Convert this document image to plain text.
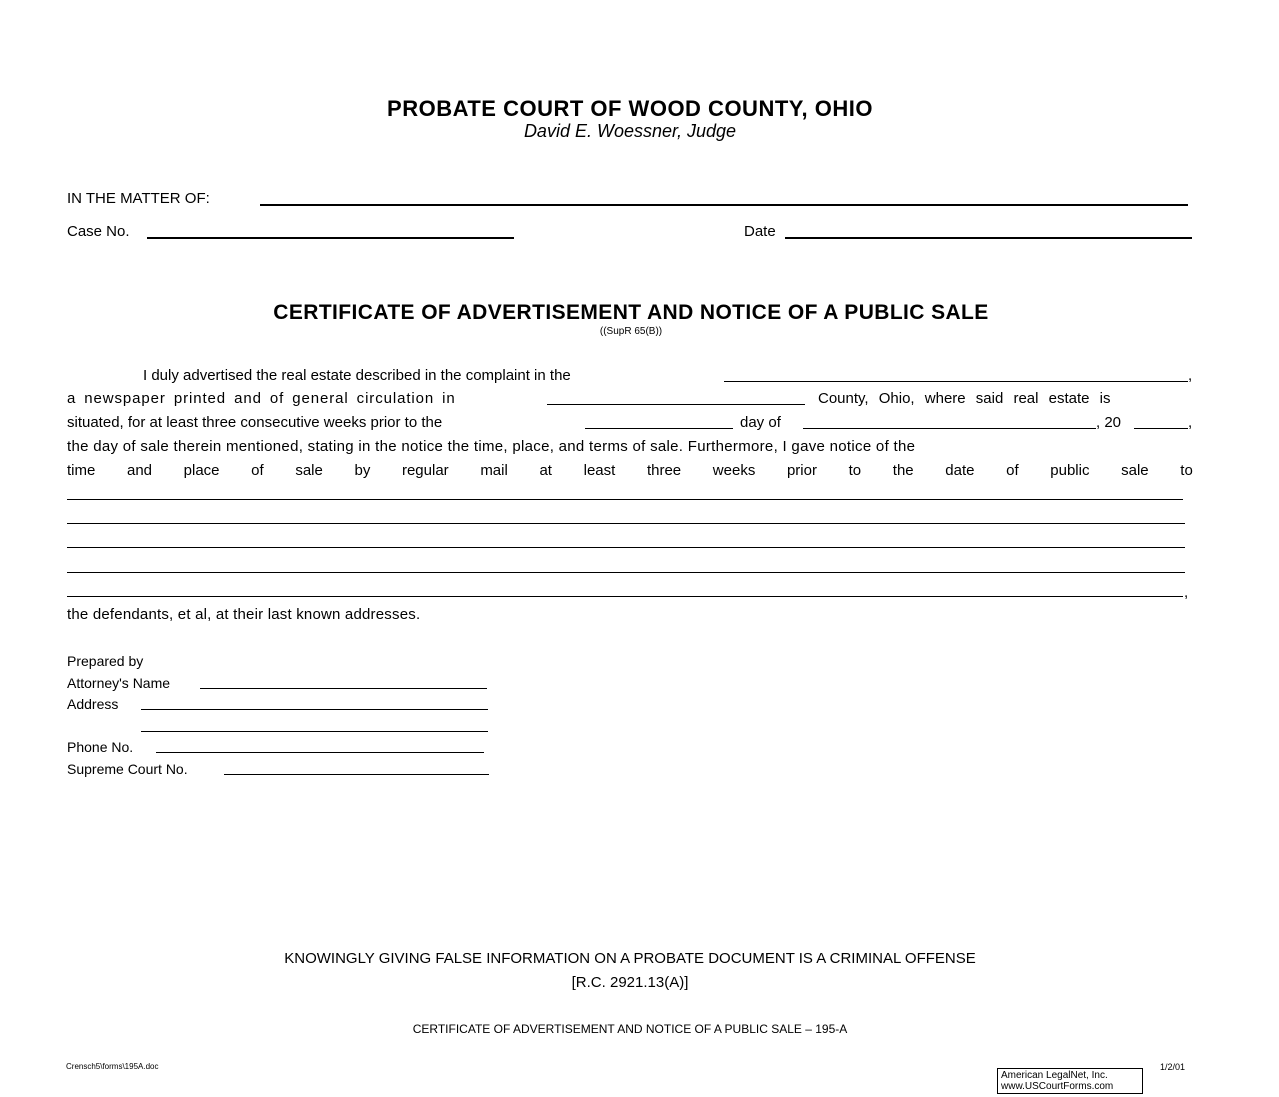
PROBATE COURT OF WOOD COUNTY, OHIO
David E. Woessner, Judge
IN THE MATTER OF:
Case No.	Date
CERTIFICATE OF ADVERTISEMENT AND NOTICE OF A PUBLIC SALE
((SupR 65(B))
I duly advertised the real estate described in the complaint in the	,
a newspaper printed and of general circulation in	County, Ohio, where said real estate is
situated, for at least three consecutive weeks prior to the	day of	, 20	,
the day of sale therein mentioned, stating in the notice the time, place, and terms of sale. Furthermore, I gave notice of the
time and place of sale by regular mail at least three weeks prior to the date of public sale to
,
the defendants, et al, at their last known addresses.
Prepared by
Attorney's Name
Address
Phone No.
Supreme Court No.
KNOWINGLY GIVING FALSE INFORMATION ON A PROBATE DOCUMENT IS A CRIMINAL OFFENSE
[R.C. 2921.13(A)]
CERTIFICATE OF ADVERTISEMENT AND NOTICE OF A PUBLIC SALE – 195-A
Crensch5\forms\195A.doc	1/2/01
American LegalNet, Inc.
www.USCourtForms.com
